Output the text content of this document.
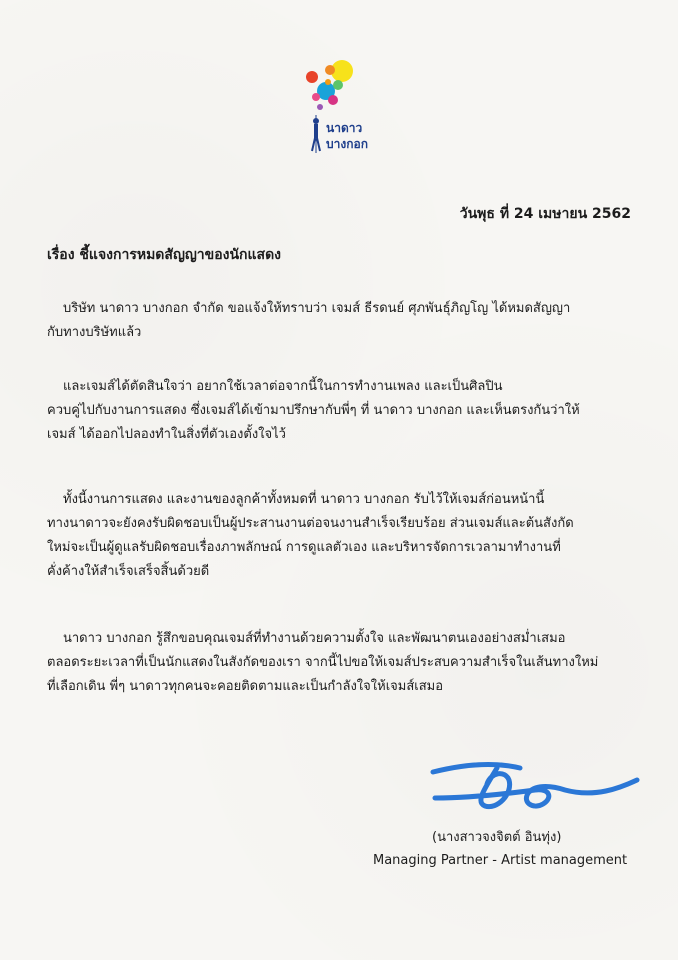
นาดาว
บางกอก
วันพุธ ที่ 24 เมษายน 2562
เรื่อง ชี้แจงการหมดสัญญาของนักแสดง
บริษัท นาดาว บางกอก จำกัด ขอแจ้งให้ทราบว่า เจมส์ ธีรดนย์ ศุภพันธุ์ภิญโญ ได้หมดสัญญา
กับทางบริษัทแล้ว
และเจมส์ได้ตัดสินใจว่า อยากใช้เวลาต่อจากนี้ในการทำงานเพลง และเป็นศิลปิน
ควบคู่ไปกับงานการแสดง ซึ่งเจมส์ได้เข้ามาปรึกษากับพี่ๆ ที่ นาดาว บางกอก และเห็นตรงกันว่าให้
เจมส์ ได้ออกไปลองทำในสิ่งที่ตัวเองตั้งใจไว้
ทั้งนี้งานการแสดง และงานของลูกค้าทั้งหมดที่ นาดาว บางกอก รับไว้ให้เจมส์ก่อนหน้านี้
ทางนาดาวจะยังคงรับผิดชอบเป็นผู้ประสานงานต่อจนงานสำเร็จเรียบร้อย ส่วนเจมส์และต้นสังกัด
ใหม่จะเป็นผู้ดูแลรับผิดชอบเรื่องภาพลักษณ์ การดูแลตัวเอง และบริหารจัดการเวลามาทำงานที่
คั่งค้างให้สำเร็จเสร็จสิ้นด้วยดี
นาดาว บางกอก รู้สึกขอบคุณเจมส์ที่ทำงานด้วยความตั้งใจ และพัฒนาตนเองอย่างสม่ำเสมอ
ตลอดระยะเวลาที่เป็นนักแสดงในสังกัดของเรา จากนี้ไปขอให้เจมส์ประสบความสำเร็จในเส้นทางใหม่
ที่เลือกเดิน พี่ๆ นาดาวทุกคนจะคอยติดตามและเป็นกำลังใจให้เจมส์เสมอ
(นางสาวจงจิตต์ อินทุ่ง)
Managing Partner - Artist management
